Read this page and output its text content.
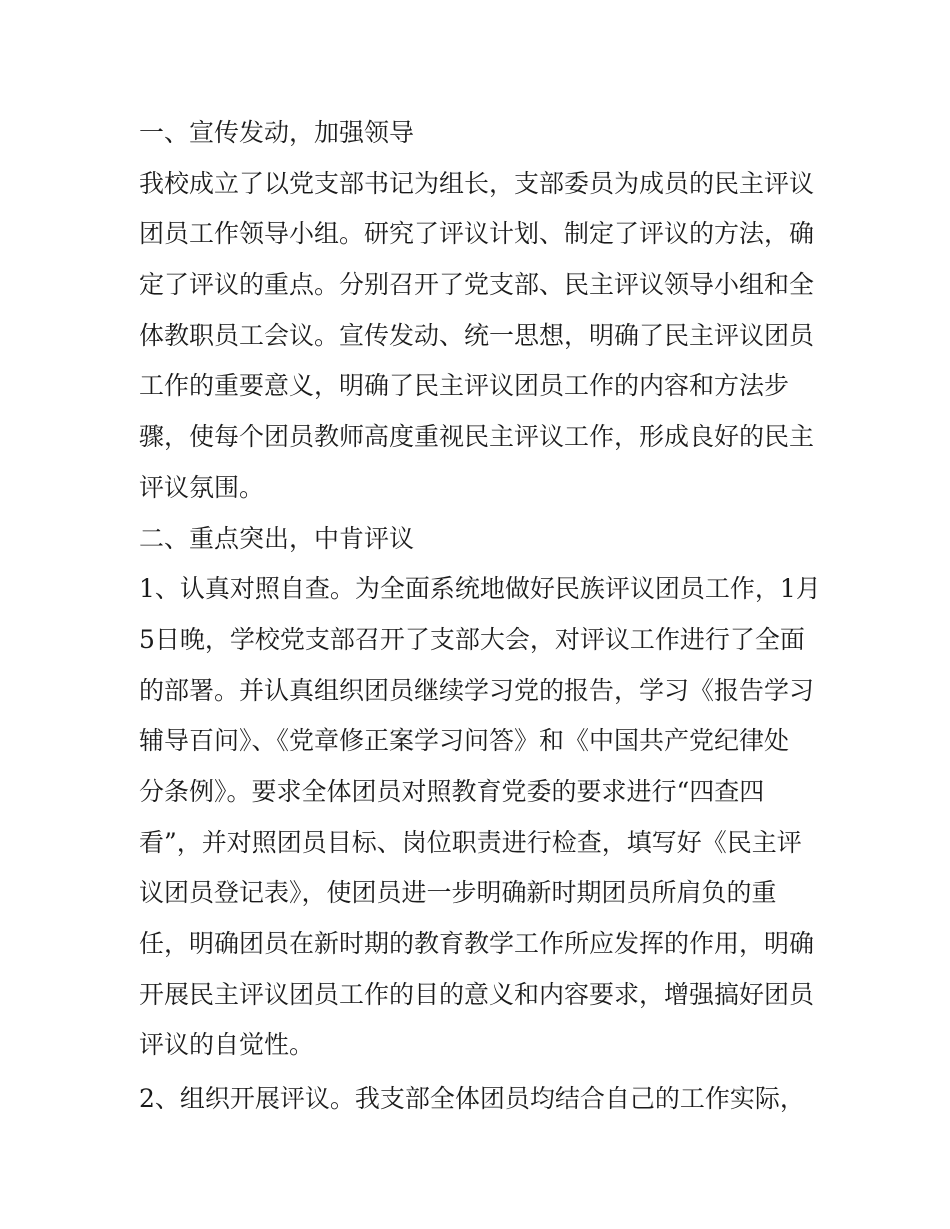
一、宣传发动，加强领导
我校成立了以党支部书记为组长，支部委员为成员的民主评议
团员工作领导小组。研究了评议计划、制定了评议的方法，确
定了评议的重点。分别召开了党支部、民主评议领导小组和全
体教职员工会议。宣传发动、统一思想，明确了民主评议团员
工作的重要意义，明确了民主评议团员工作的内容和方法步
骤，使每个团员教师高度重视民主评议工作，形成良好的民主
评议氛围。
二、重点突出，中肯评议
1、认真对照自查。为全面系统地做好民族评议团员工作，1月
5日晚，学校党支部召开了支部大会，对评议工作进行了全面
的部署。并认真组织团员继续学习党的报告，学习《报告学习
辅导百问》、《党章修正案学习问答》和《中国共产党纪律处
分条例》。要求全体团员对照教育党委的要求进行“四查四
看”，并对照团员目标、岗位职责进行检查，填写好《民主评
议团员登记表》，使团员进一步明确新时期团员所肩负的重
任，明确团员在新时期的教育教学工作所应发挥的作用，明确
开展民主评议团员工作的目的意义和内容要求，增强搞好团员
评议的自觉性。
2、组织开展评议。我支部全体团员均结合自己的工作实际，
